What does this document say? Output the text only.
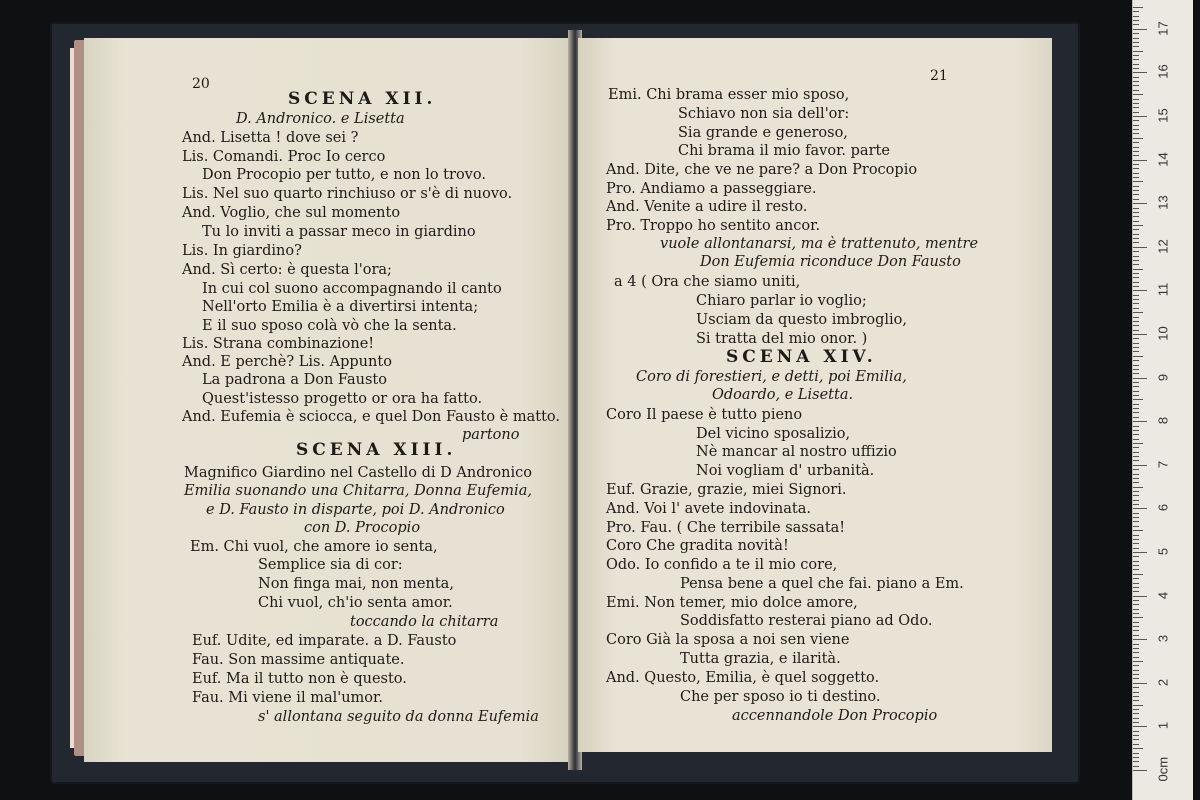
20
SCENA XII.
D. Andronico. e Lisetta
And. Lisetta ! dove sei ?
Lis. Comandi. Proc Io cerco
Don Procopio per tutto, e non lo trovo.
Lis. Nel suo quarto rinchiuso or s'è di nuovo.
And. Voglio, che sul momento
Tu lo inviti a passar meco in giardino
Lis. In giardino?
And. Sì certo: è questa l'ora;
In cui col suono accompagnando il canto
Nell'orto Emilia è a divertirsi intenta;
E il suo sposo colà vò che la senta.
Lis. Strana combinazione!
And. E perchè? Lis. Appunto
La padrona a Don Fausto
Quest'istesso progetto or ora ha fatto.
And. Eufemia è sciocca, e quel Don Fausto è matto.
partono
SCENA XIII.
Magnifico Giardino nel Castello di D Andronico
Emilia suonando una Chitarra, Donna Eufemia,
e D. Fausto in disparte, poi D. Andronico
con D. Procopio
Em. Chi vuol, che amore io senta,
Semplice sia di cor:
Non finga mai, non menta,
Chi vuol, ch'io senta amor.
toccando la chitarra
Euf. Udite, ed imparate. a D. Fausto
Fau. Son massime antiquate.
Euf. Ma il tutto non è questo.
Fau. Mi viene il mal'umor.
s' allontana seguito da donna Eufemia
21
Emi. Chi brama esser mio sposo,
Schiavo non sia dell'or:
Sia grande e generoso,
Chi brama il mio favor. parte
And. Dite, che ve ne pare? a Don Procopio
Pro. Andiamo a passeggiare.
And. Venite a udire il resto.
Pro. Troppo ho sentito ancor.
vuole allontanarsi, ma è trattenuto, mentre
Don Eufemia riconduce Don Fausto
a 4 ( Ora che siamo uniti,
Chiaro parlar io voglio;
Usciam da questo imbroglio,
Si tratta del mio onor. )
SCENA XIV.
Coro di forestieri, e detti, poi Emilia,
Odoardo, e Lisetta.
Coro Il paese è tutto pieno
Del vicino sposalizio,
Nè mancar al nostro uffizio
Noi vogliam d' urbanità.
Euf. Grazie, grazie, miei Signori.
And. Voi l' avete indovinata.
Pro. Fau. ( Che terribile sassata!
Coro Che gradita novità!
Odo. Io confido a te il mio core,
Pensa bene a quel che fai. piano a Em.
Emi. Non temer, mio dolce amore,
Soddisfatto resterai piano ad Odo.
Coro Già la sposa a noi sen viene
Tutta grazia, e ilarità.
And. Questo, Emilia, è quel soggetto.
Che per sposo io ti destino.
accennandole Don Procopio
0cm
1
2
3
4
5
6
7
8
9
10
11
12
13
14
15
16
17
